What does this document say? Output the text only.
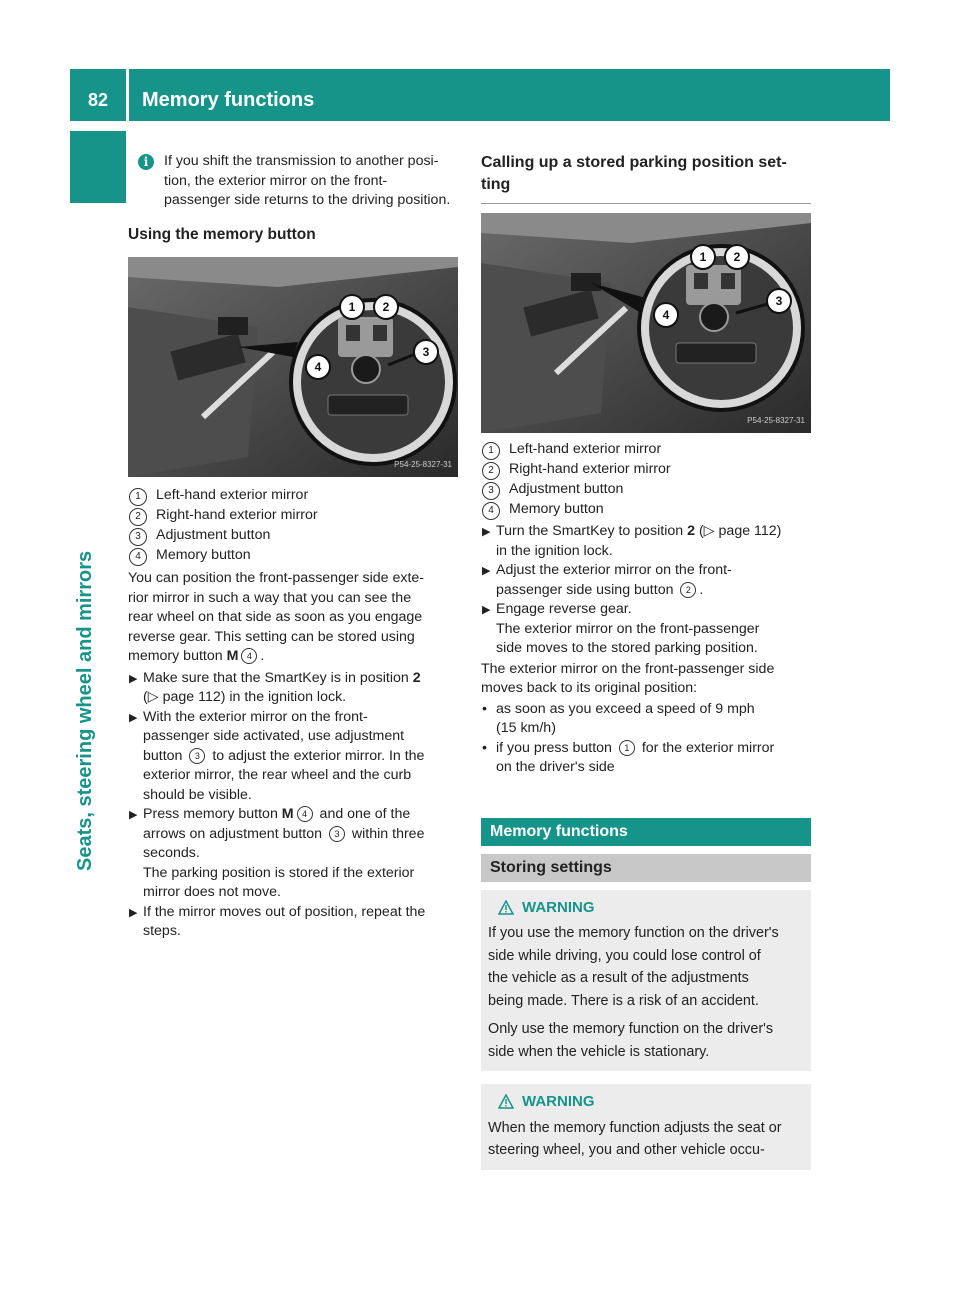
82	Memory functions
Seats, steering wheel and mirrors
i	If you shift the transmission to another posi-

tion, the exterior mirror on the front-

passenger side returns to the driving position.

Using the memory button
1 2
3
4
P54-25-8327-31
1	Left-hand exterior mirror
2	Right-hand exterior mirror
3	Adjustment button
4	Memory button

You can position the front-passenger side exte-

rior mirror in such a way that you can see the

rear wheel on that side as soon as you engage

reverse gear. This setting can be stored using

memory button M 4 .

▶ Make sure that the SmartKey is in position 2

(▷ page 112) in the ignition lock.

▶ With the exterior mirror on the front-

passenger side activated, use adjustment

button 3 to adjust the exterior mirror. In the

exterior mirror, the rear wheel and the curb

should be visible.

▶ Press memory button M 4 and one of the

arrows on adjustment button 3 within three

seconds.

The parking position is stored if the exterior

mirror does not move.

▶ If the mirror moves out of position, repeat the

steps.

Calling up a stored parking position set-
ting
1 2
3
4
P54-25-8327-31
1	Left-hand exterior mirror
2	Right-hand exterior mirror
3	Adjustment button
4	Memory button
▶ Turn the SmartKey to position 2 (▷ page 112)

in the ignition lock.

▶ Adjust the exterior mirror on the front-

passenger side using button 2 .

▶ Engage reverse gear.

The exterior mirror on the front-passenger

side moves to the stored parking position.

The exterior mirror on the front-passenger side

moves back to its original position:

• as soon as you exceed a speed of 9 mph

(15 km/h)

• if you press button 1 for the exterior mirror

on the driver's side

Memory functions
Storing settings
WARNING

If you use the memory function on the driver's

side while driving, you could lose control of

the vehicle as a result of the adjustments

being made. There is a risk of an accident.

Only use the memory function on the driver's

side when the vehicle is stationary.

WARNING

When the memory function adjusts the seat or

steering wheel, you and other vehicle occu-
